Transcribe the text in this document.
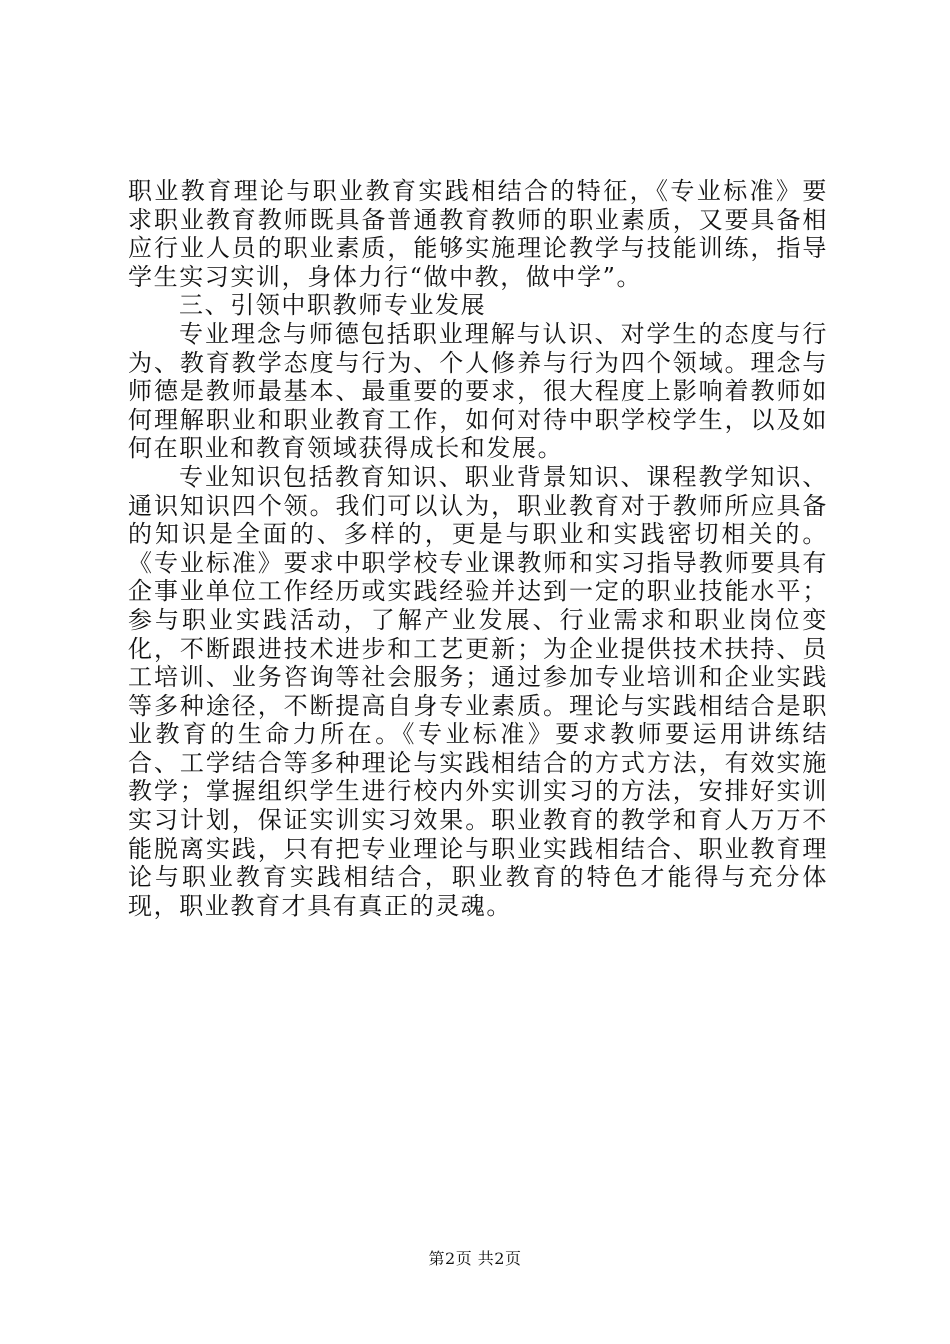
职业教育理论与职业教育实践相结合的特征，《专业标准》要求职业教育教师既具备普通教育教师的职业素质，又要具备相应行业人员的职业素质，能够实施理论教学与技能训练，指导学生实习实训，身体力行“做中教，做中学”。

三、引领中职教师专业发展

专业理念与师德包括职业理解与认识、对学生的态度与行为、教育教学态度与行为、个人修养与行为四个领域。理念与师德是教师最基本、最重要的要求，很大程度上影响着教师如何理解职业和职业教育工作，如何对待中职学校学生，以及如何在职业和教育领域获得成长和发展。

专业知识包括教育知识、职业背景知识、课程教学知识、通识知识四个领。我们可以认为，职业教育对于教师所应具备的知识是全面的、多样的，更是与职业和实践密切相关的。《专业标准》要求中职学校专业课教师和实习指导教师要具有企事业单位工作经历或实践经验并达到一定的职业技能水平；参与职业实践活动，了解产业发展、行业需求和职业岗位变化，不断跟进技术进步和工艺更新；为企业提供技术扶持、员工培训、业务咨询等社会服务；通过参加专业培训和企业实践等多种途径，不断提高自身专业素质。理论与实践相结合是职业教育的生命力所在。《专业标准》要求教师要运用讲练结合、工学结合等多种理论与实践相结合的方式方法，有效实施教学；掌握组织学生进行校内外实训实习的方法，安排好实训实习计划，保证实训实习效果。职业教育的教学和育人万万不能脱离实践，只有把专业理论与职业实践相结合、职业教育理论与职业教育实践相结合，职业教育的特色才能得与充分体现，职业教育才具有真正的灵魂。

第2页 共2页
